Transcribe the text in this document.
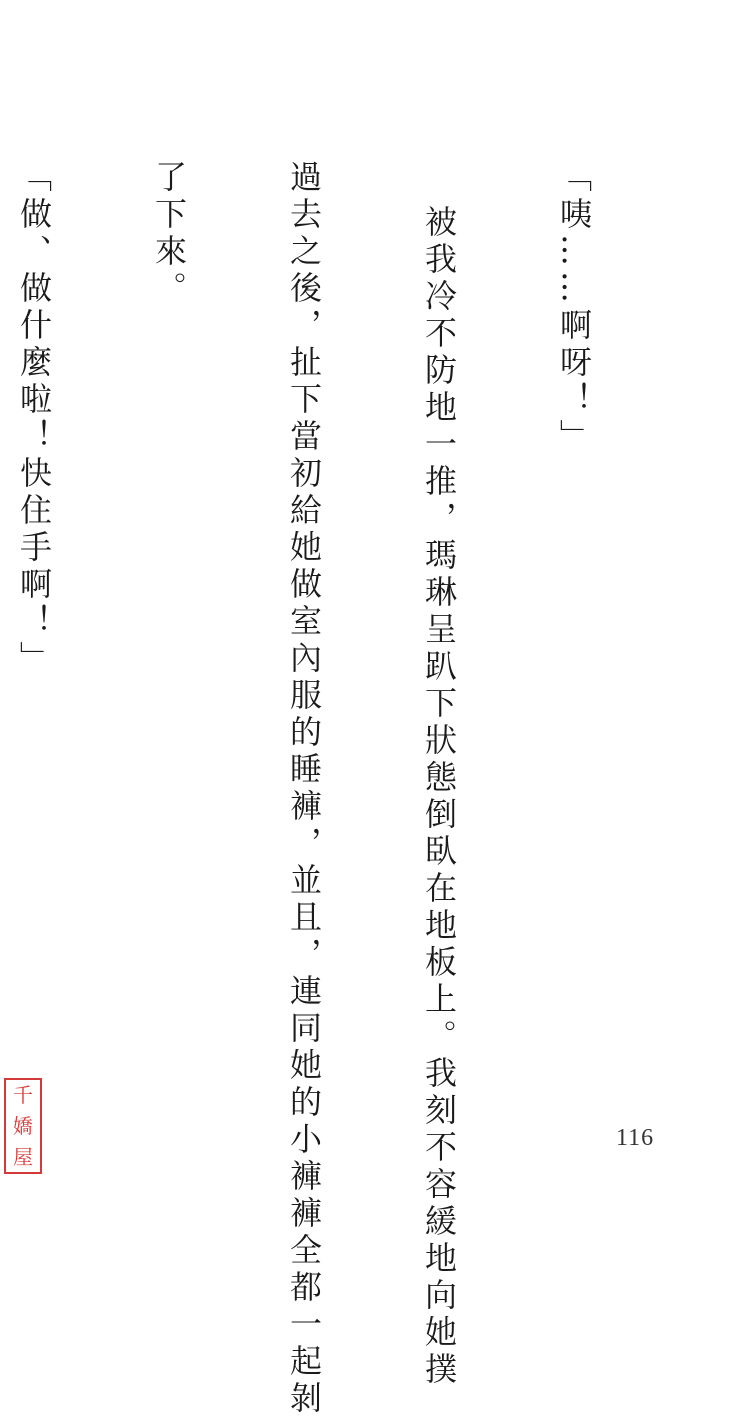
「咦……啊呀！」

被我冷不防地一推，瑪琳呈趴下狀態倒臥在地板上。我刻不容緩地向她撲

過去之後，扯下當初給她做室內服的睡褲，並且，連同她的小褲褲全都一起剝

了下來。

「做、做什麼啦！快住手啊！」

116
千
嬌
屋
